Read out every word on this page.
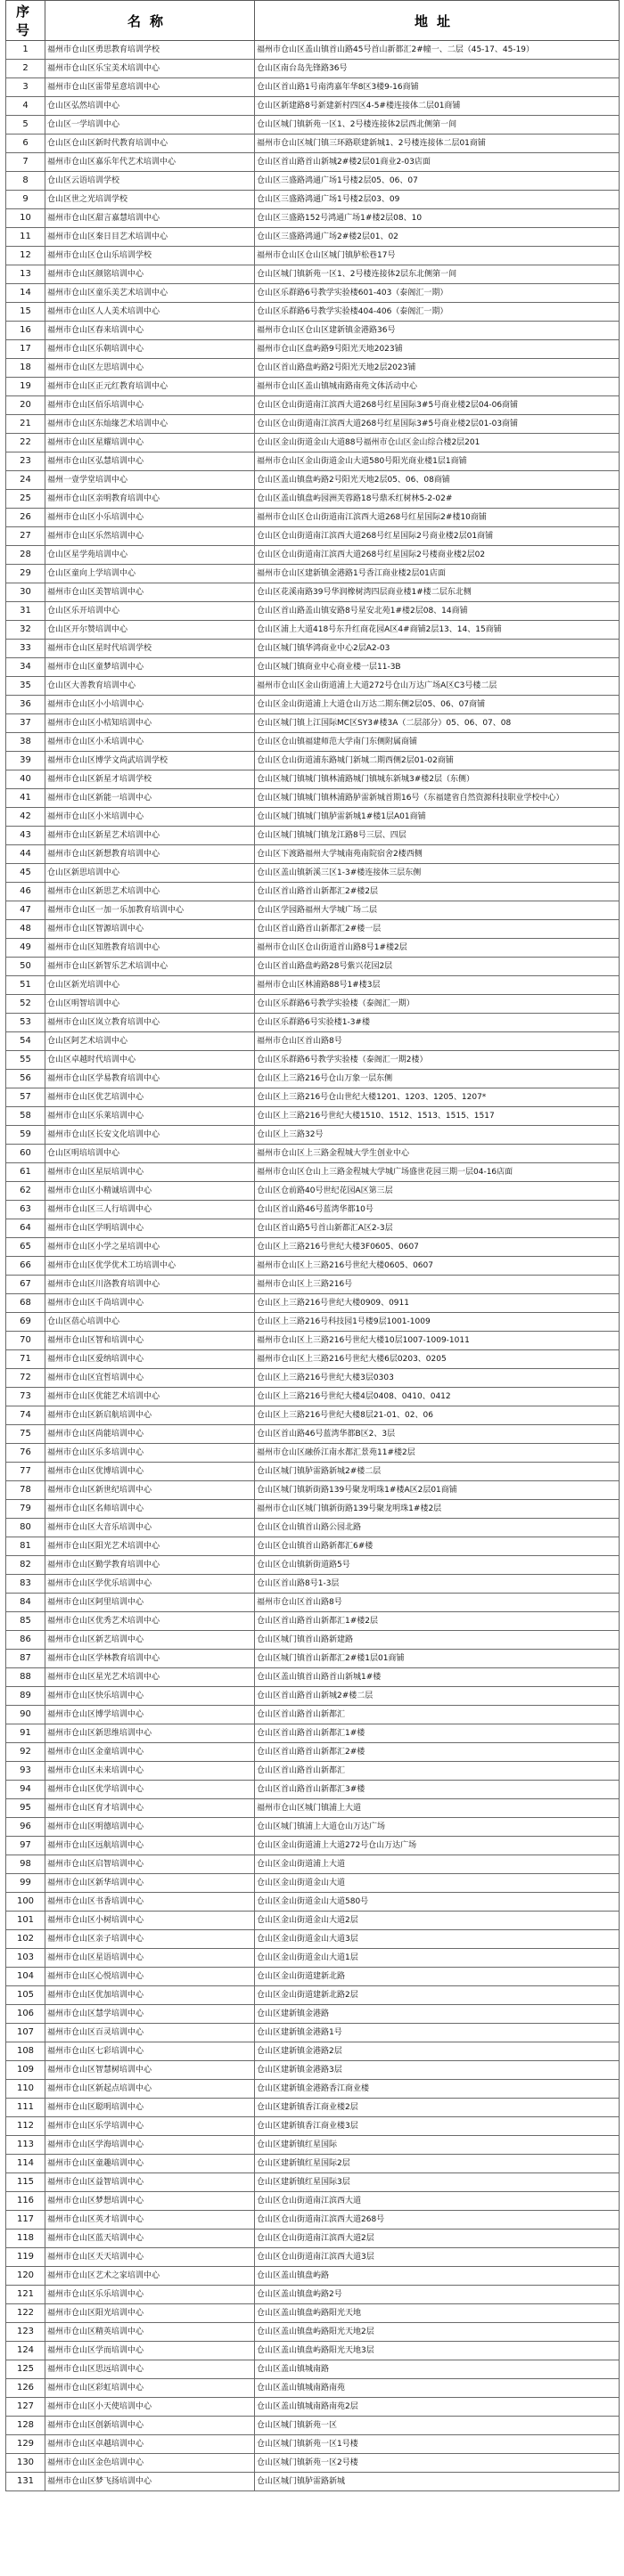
序号	名称	地址
1	福州市仓山区勇思教育培训学校	福州市仓山区盖山镇首山路45号首山新都汇2#幢一、二层（45-17、45-19）
2	福州市仓山区乐宝美术培训中心	仓山区南台岛先锋路36号
3	福州市仓山区雷带星意培训中心	仓山区首山路1号南湾嘉年华8区3楼9-16商铺
4	仓山区弘然培训中心	仓山区新建路8号新建新村四区4-5#楼连接体二层01商铺
5	仓山区一学培训中心	仓山区城门镇新苑一区1、2号楼连接体2层西北侧第一间
6	仓山区仓山区新时代教育培训中心	福州市仓山区城门镇三环路联建新城1、2号楼连接体二层01商铺
7	福州市仓山区嘉乐年代艺术培训中心	仓山区首山路首山新城2#楼2层01商业2-03店面
8	仓山区云语培训学校	仓山区三盛路鸿通广场1号楼2层05、06、07
9	仓山区世之光培训学校	仓山区三盛路鸿通广场1号楼2层03、09
10	福州市仓山区甜言嘉慧培训中心	仓山区三盛路152号鸿通广场1#楼2层08、10
11	福州市仓山区秦日目艺术培训中心	仓山区三盛路鸿通广场2#楼2层01、02
12	福州市仓山区仓山乐培训学校	福州市仓山区仓山区城门镇胪松巷17号
13	福州市仓山区颜铭培训中心	仓山区城门镇新苑一区1、2号楼连接体2层东北侧第一间
14	福州市仓山区童乐美艺术培训中心	仓山区乐群路6号教学实验楼601-403（泰阁汇一期）
15	福州市仓山区人人美术培训中心	仓山区乐群路6号教学实验楼404-406（泰阁汇一期）
16	福州市仓山区春来培训中心	福州市仓山区仓山区建新镇金港路36号
17	福州市仓山区乐朝培训中心	福州市仓山区盘屿路9号阳光天地2023铺
18	福州市仓山区左思培训中心	仓山区首山路盘屿路2号阳光天地2层2023铺
19	福州市仓山区正元红教育培训中心	福州市仓山区盖山镇城南路南苑文体活动中心
20	福州市仓山区佰乐培训中心	仓山区仓山街道南江滨西大道268号红星国际3#5号商业楼2层04-06商铺
21	福州市仓山区东灿缘艺术培训中心	仓山区仓山街道南江滨西大道268号红星国际3#5号商业楼2层01-03商铺
22	福州市仓山区星耀培训中心	仓山区金山街道金山大道88号福州市仓山区金山综合楼2层201
23	福州市仓山区弘慧培训中心	福州市仓山区金山街道金山大道580号阳光商业楼1层1商铺
24	福州一壹学堂培训中心	仓山区盖山镇盘屿路2号阳光天地2层05、06、08商铺
25	福州市仓山区亲明教育培训中心	仓山区盖山镇盘屿园洲芙蓉路18号鼎禾红树林5-2-02#
26	福州市仓山区小乐培训中心	福州市仓山区仓山街道南江滨西大道268号红星国际2#楼10商铺
27	福州市仓山区乐然培训中心	仓山区仓山街道南江滨西大道268号红星国际2号商业楼2层01商铺
28	仓山区星学苑培训中心	仓山区仓山街道南江滨西大道268号红星国际2号楼商业楼2层02
29	仓山区童向上学培训中心	福州市仓山区建新镇金港路1号香江商业楼2层01店面
30	福州市仓山区美智培训中心	仓山区花溪南路39号华润橡树湾四层商业楼1#楼二层东北侧
31	仓山区乐开培训中心	仓山区首山路盖山镇安路8号星安北苑1#楼2层08、14商铺
32	仓山区开尔赞培训中心	仓山区浦上大道418号东升红商花园A区4#商铺2层13、14、15商铺
33	福州市仓山区星时代培训学校	仓山区城门镇华鸿商业中心2层A2-03
34	福州市仓山区童梦培训中心	仓山区城门镇商业中心商业楼一层11-3B
35	仓山区大善教育培训中心	福州市仓山区金山街道浦上大道272号仓山万达广场A区C3号楼二层
36	福州市仓山区小小培训中心	仓山区金山街道浦上大道仓山万达二期东侧2层05、06、07商铺
37	福州市仓山区小桔知培训中心	仓山区城门镇上江国际MC区SY3#楼3A（二层部分）05、06、07、08
38	福州市仓山区小禾培训中心	仓山区仓山镇福建师范大学南门东侧附属商铺
39	福州市仓山区博学文尚武培训学校	仓山区仓山街道浦东路城门新城二期西侧2层01-02商铺
40	福州市仓山区新星才培训学校	仓山区城门镇城门镇林浦路城门镇城东新城3#楼2层（东侧）
41	福州市仓山区新能一培训中心	仓山区城门镇城门镇林浦路胪雷新城首期16号（东福建省自然资源科技职业学校中心）
42	福州市仓山区小米培训中心	仓山区城门镇城门镇胪雷新城1#楼1层A01商铺
43	福州市仓山区新星艺术培训中心	仓山区城门镇城门镇龙江路8号三层、四层
44	福州市仓山区新想教育培训中心	仓山区下渡路福州大学城南苑南院宿舍2楼西侧
45	仓山区新思培训中心	仓山区盖山镇新溪三区1-3#楼连接体三层东侧
46	福州市仓山区新思艺术培训中心	仓山区首山路首山新都汇2#楼2层
47	福州市仓山区一加一乐加教育培训中心	仓山区学园路福州大学城广场二层
48	福州市仓山区智源培训中心	仓山区首山路首山新都汇2#楼一层
49	福州市仓山区知胜教育培训中心	福州市仓山区仓山街道首山路8号1#楼2层
50	福州市仓山区新智乐艺术培训中心	仓山区首山路盘屿路28号紫兴花园2层
51	仓山区新光培训中心	福州市仓山区林浦路88号1#楼3层
52	仓山区明智培训中心	仓山区乐群路6号教学实验楼（泰阁汇一期）
53	福州市仓山区岚立教育培训中心	仓山区乐群路6号实验楼1-3#楼
54	仓山区阿艺术培训中心	福州市仓山区首山路8号
55	仓山区卓越时代培训中心	仓山区乐群路6号教学实验楼（泰阁汇一期2楼）
56	福州市仓山区学易教育培训中心	仓山区上三路216号仓山万象一层东侧
57	福州市仓山区优艺培训中心	仓山区上三路216号仓山世纪大楼1201、1203、1205、1207*
58	福州市仓山区乐莱培训中心	仓山区上三路216号世纪大楼1510、1512、1513、1515、1517
59	福州市仓山区长安文化培训中心	仓山区上三路32号
60	仓山区明培培训中心	福州市仓山区上三路金程城大学生创业中心
61	福州市仓山区星辰培训中心	福州市仓山区仓山上三路金程城大学城广场盛世花园三期一层04-16店面
62	福州市仓山区小精诚培训中心	仓山区仓前路40号世纪花园A区第三层
63	福州市仓山区三人行培训中心	仓山区首山路46号蓝湾华都10号
64	福州市仓山区学明培训中心	仓山区首山路5号首山新都汇A区2-3层
65	福州市仓山区小学之星培训中心	仓山区上三路216号世纪大楼3F0605、0607
66	福州市仓山区优学优术工坊培训中心	福州市仓山区上三路216号世纪大楼0605、0607
67	福州市仓山区川洛教育培训中心	福州市仓山区上三路216号
68	福州市仓山区千尚培训中心	仓山区上三路216号世纪大楼0909、0911
69	仓山区蓓心培训中心	仓山区上三路216号科技园1号楼9层1001-1009
70	福州市仓山区智和培训中心	福州市仓山区上三路216号世纪大楼10层1007-1009-1011
71	福州市仓山区爱纳培训中心	福州市仓山区上三路216号世纪大楼6层0203、0205
72	福州市仓山区宜哲培训中心	仓山区上三路216号世纪大楼3层0303
73	福州市仓山区优能艺术培训中心	仓山区上三路216号世纪大楼4层0408、0410、0412
74	福州市仓山区新启航培训中心	仓山区上三路216号世纪大楼8层21-01、02、06
75	福州市仓山区尚能培训中心	仓山区首山路46号蓝湾华都B区2、3层
76	福州市仓山区乐多培训中心	福州市仓山区融侨江南水都汇景苑11#楼2层
77	福州市仓山区优博培训中心	仓山区城门镇胪雷路新城2#楼二层
78	福州市仓山区新世纪培训中心	仓山区城门镇新街路139号聚龙明珠1#楼A区2层01商铺
79	福州市仓山区名师培训中心	福州市仓山区城门镇新街路139号聚龙明珠1#楼2层
80	福州市仓山区大音乐培训中心	仓山区仓山镇首山路公园北路
81	福州市仓山区阳光艺术培训中心	仓山区仓山镇首山路新都汇6#楼
82	福州市仓山区勤学教育培训中心	仓山区仓山镇新街道路5号
83	福州市仓山区学优乐培训中心	仓山区首山路8号1-3层
84	福州市仓山区阿里培训中心	福州市仓山区首山路8号
85	福州市仓山区优秀艺术培训中心	仓山区首山路首山新都汇1#楼2层
86	福州市仓山区新艺培训中心	仓山区城门镇首山路新建路
87	福州市仓山区学林教育培训中心	仓山区城门镇首山新都汇2#楼1层01商铺
88	福州市仓山区星光艺术培训中心	仓山区盖山镇首山路首山新城1#楼
89	福州市仓山区快乐培训中心	仓山区首山路首山新城2#楼二层
90	福州市仓山区博学培训中心	仓山区首山路首山新都汇
91	福州市仓山区新思维培训中心	仓山区首山路首山新都汇1#楼
92	福州市仓山区金童培训中心	仓山区首山路首山新都汇2#楼
93	福州市仓山区未来培训中心	仓山区首山路首山新都汇
94	福州市仓山区优学培训中心	仓山区首山路首山新都汇3#楼
95	福州市仓山区育才培训中心	福州市仓山区城门镇浦上大道
96	福州市仓山区明德培训中心	仓山区城门镇浦上大道仓山万达广场
97	福州市仓山区远航培训中心	仓山区金山街道浦上大道272号仓山万达广场
98	福州市仓山区启智培训中心	仓山区金山街道浦上大道
99	福州市仓山区新华培训中心	仓山区金山街道金山大道
100	福州市仓山区书香培训中心	仓山区金山街道金山大道580号
101	福州市仓山区小树培训中心	仓山区金山街道金山大道2层
102	福州市仓山区亲子培训中心	仓山区金山街道金山大道3层
103	福州市仓山区星语培训中心	仓山区金山街道金山大道1层
104	福州市仓山区心悦培训中心	仓山区金山街道建新北路
105	福州市仓山区优加培训中心	仓山区金山街道建新北路2层
106	福州市仓山区慧学培训中心	仓山区建新镇金港路
107	福州市仓山区百灵培训中心	仓山区建新镇金港路1号
108	福州市仓山区七彩培训中心	仓山区建新镇金港路2层
109	福州市仓山区智慧树培训中心	仓山区建新镇金港路3层
110	福州市仓山区新起点培训中心	仓山区建新镇金港路香江商业楼
111	福州市仓山区聪明培训中心	仓山区建新镇香江商业楼2层
112	福州市仓山区乐学培训中心	仓山区建新镇香江商业楼3层
113	福州市仓山区学海培训中心	仓山区建新镇红星国际
114	福州市仓山区童趣培训中心	仓山区建新镇红星国际2层
115	福州市仓山区益智培训中心	仓山区建新镇红星国际3层
116	福州市仓山区梦想培训中心	仓山区仓山街道南江滨西大道
117	福州市仓山区英才培训中心	仓山区仓山街道南江滨西大道268号
118	福州市仓山区蓝天培训中心	仓山区仓山街道南江滨西大道2层
119	福州市仓山区天天培训中心	仓山区仓山街道南江滨西大道3层
120	福州市仓山区艺术之家培训中心	仓山区盖山镇盘屿路
121	福州市仓山区乐乐培训中心	仓山区盖山镇盘屿路2号
122	福州市仓山区阳光培训中心	仓山区盖山镇盘屿路阳光天地
123	福州市仓山区精英培训中心	仓山区盖山镇盘屿路阳光天地2层
124	福州市仓山区学而培训中心	仓山区盖山镇盘屿路阳光天地3层
125	福州市仓山区思远培训中心	仓山区盖山镇城南路
126	福州市仓山区彩虹培训中心	仓山区盖山镇城南路南苑
127	福州市仓山区小天使培训中心	仓山区盖山镇城南路南苑2层
128	福州市仓山区创新培训中心	仓山区城门镇新苑一区
129	福州市仓山区卓越培训中心	仓山区城门镇新苑一区1号楼
130	福州市仓山区金色培训中心	仓山区城门镇新苑一区2号楼
131	福州市仓山区梦飞扬培训中心	仓山区城门镇胪雷路新城
